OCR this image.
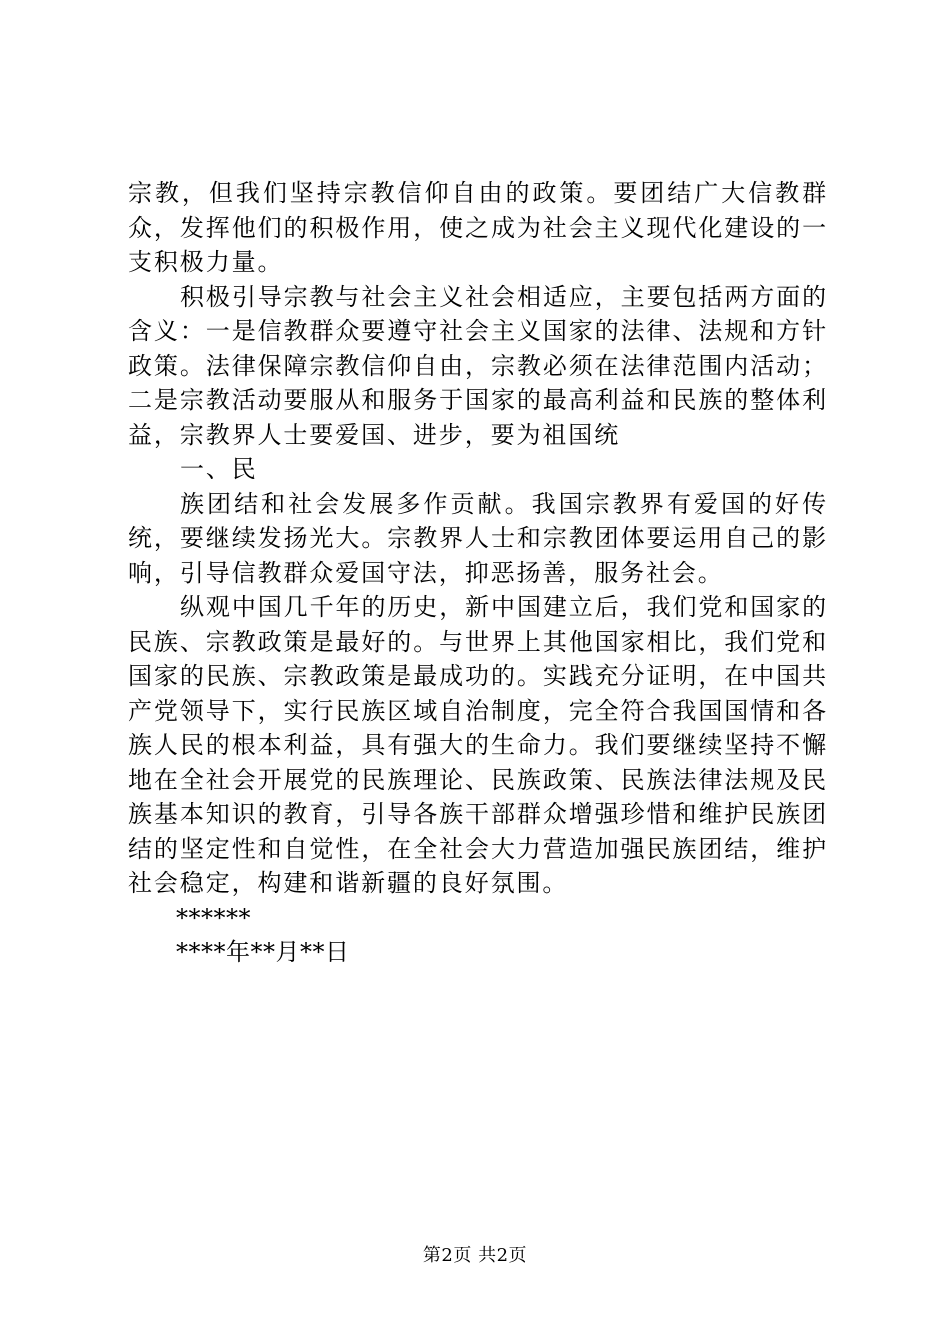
宗教，但我们坚持宗教信仰自由的政策。要团结广大信教群众，发挥他们的积极作用，使之成为社会主义现代化建设的一支积极力量。

积极引导宗教与社会主义社会相适应，主要包括两方面的含义：一是信教群众要遵守社会主义国家的法律、法规和方针政策。法律保障宗教信仰自由，宗教必须在法律范围内活动；二是宗教活动要服从和服务于国家的最高利益和民族的整体利益，宗教界人士要爱国、进步，要为祖国统

一、民

族团结和社会发展多作贡献。我国宗教界有爱国的好传统，要继续发扬光大。宗教界人士和宗教团体要运用自己的影响，引导信教群众爱国守法，抑恶扬善，服务社会。

纵观中国几千年的历史，新中国建立后，我们党和国家的民族、宗教政策是最好的。与世界上其他国家相比，我们党和国家的民族、宗教政策是最成功的。实践充分证明，在中国共产党领导下，实行民族区域自治制度，完全符合我国国情和各族人民的根本利益，具有强大的生命力。我们要继续坚持不懈地在全社会开展党的民族理论、民族政策、民族法律法规及民族基本知识的教育，引导各族干部群众增强珍惜和维护民族团结的坚定性和自觉性，在全社会大力营造加强民族团结，维护社会稳定，构建和谐新疆的良好氛围。

******

****年**月**日

第2页 共2页
